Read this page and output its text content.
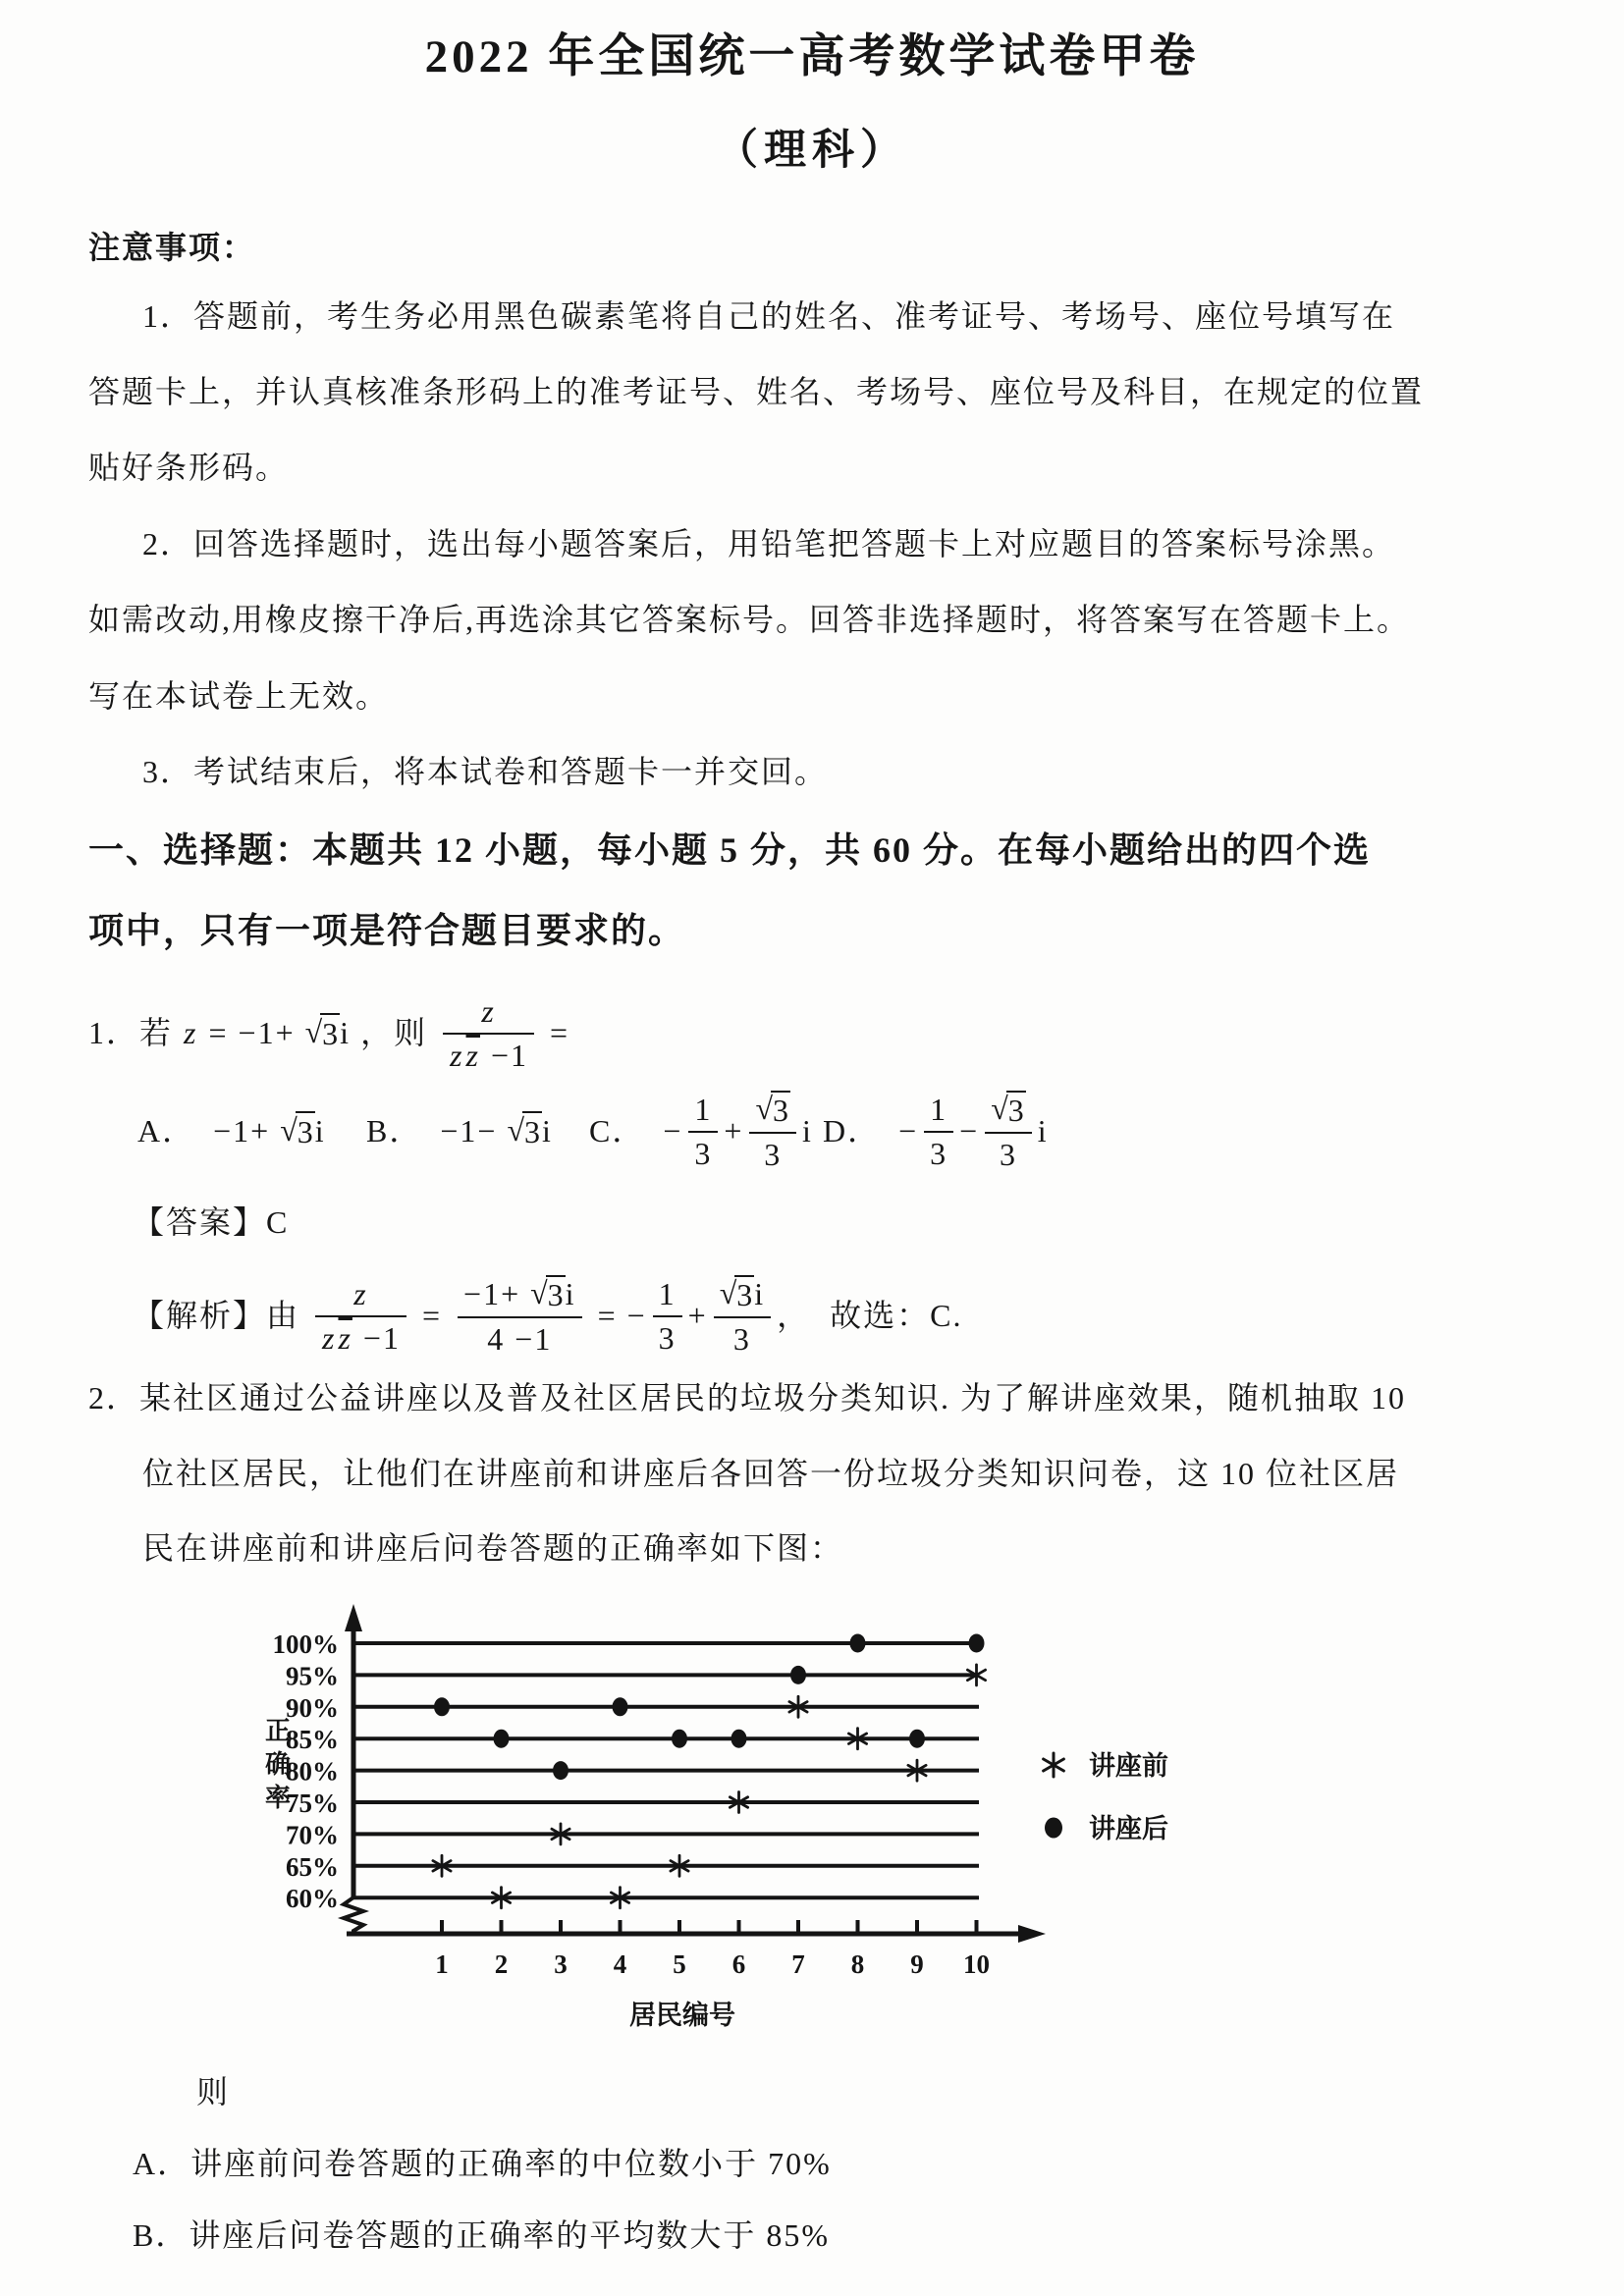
2022 年全国统一高考数学试卷甲卷
（理科）
注意事项：
1．答题前，考生务必用黑色碳素笔将自己的姓名、准考证号、考场号、座位号填写在
答题卡上，并认真核准条形码上的准考证号、姓名、考场号、座位号及科目，在规定的位置
贴好条形码。
2．回答选择题时，选出每小题答案后，用铅笔把答题卡上对应题目的答案标号涂黑。
如需改动,用橡皮擦干净后,再选涂其它答案标号。回答非选择题时，将答案写在答题卡上。
写在本试卷上无效。
3．考试结束后，将本试卷和答题卡一并交回。
一、选择题：本题共 12 小题，每小题 5 分，共 60 分。在每小题给出的四个选
项中，只有一项是符合题目要求的。
1．若 z = −1+ √ 3 i ，则 $\frac{z}{z \overline{z} -1}$ =
A． −1+ √ 3 i B． −1− √ 3 i C． − $\frac{1}{3} + \frac{√ 3}{3}$ i D． − $\frac{1}{3} - \frac{√ 3}{3}$ i
【答案】C
【解析】由 $\frac{z}{z \overline{z} -1} = \frac{-1+ √ 3 i}{4 -1}$ = − $\frac{1}{3} + \frac{√ 3 i}{3}$ ，  故选：C.
2．某社区通过公益讲座以及普及社区居民的垃圾分类知识. 为了解讲座效果，随机抽取 10
位社区居民，让他们在讲座前和讲座后各回答一份垃圾分类知识问卷，这 10 位社区居
民在讲座前和讲座后问卷答题的正确率如下图：
100%
95%
90%
85%
80%
75%
70%
65%
60%
1 2 3 4 5 6 7 8 9 10
居民编号
正确率
讲座前
讲座后
则
A．讲座前问卷答题的正确率的中位数小于 70%
B．讲座后问卷答题的正确率的平均数大于 85%
